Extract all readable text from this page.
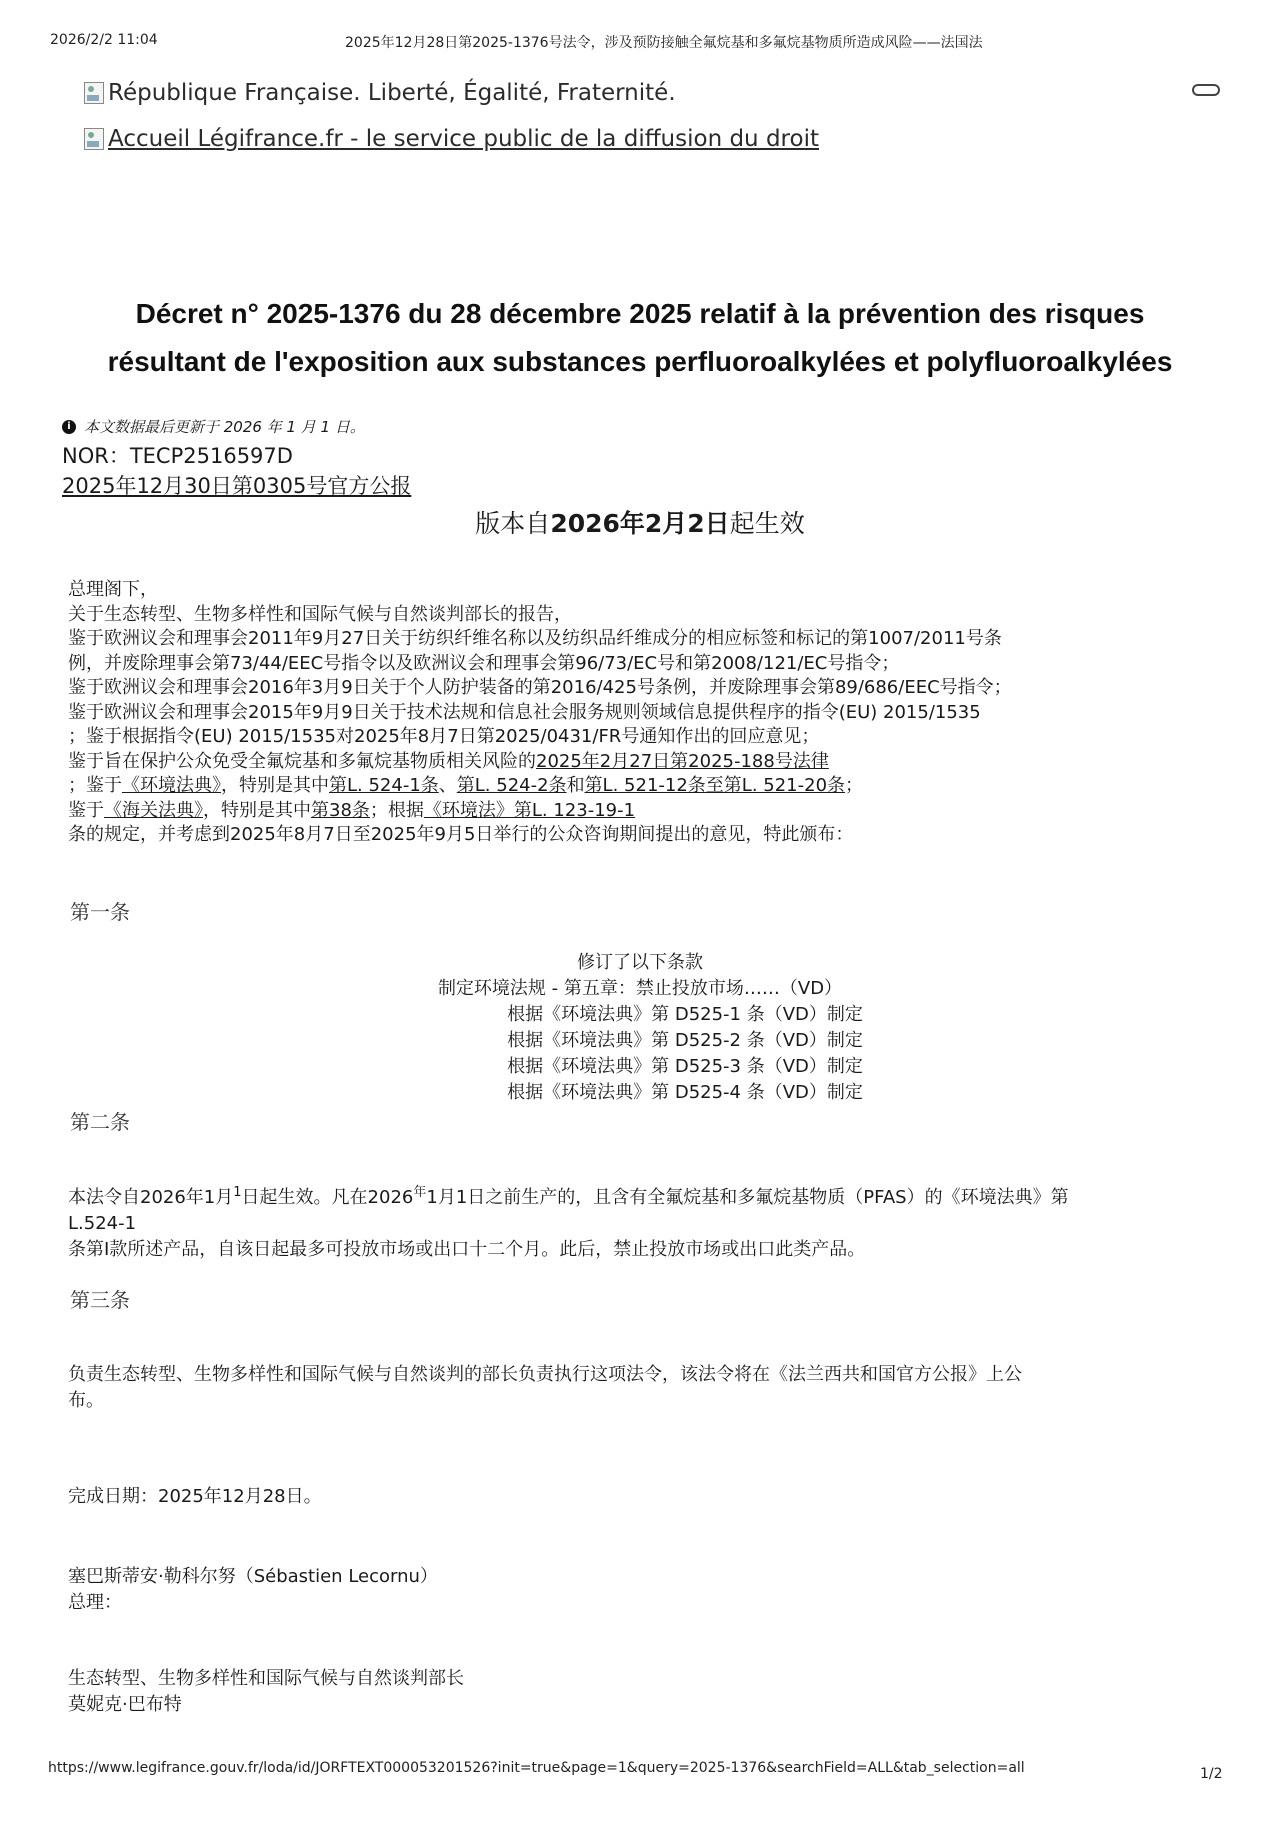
2026/2/2 11:04	2025年12月28日第2025-1376号法令，涉及预防接触全氟烷基和多氟烷基物质所造成风险——法国法
République Française. Liberté, Égalité, Fraternité.
Accueil Légifrance.fr - le service public de la diffusion du droit
Décret n° 2025-1376 du 28 décembre 2025 relatif à la prévention des risques
résultant de l'exposition aux substances perfluoroalkylées et polyfluoroalkylées
i 本文数据最后更新于 2026 年 1 月 1 日。
NOR：TECP2516597D
2025年12月30日第0305号官方公报
版本自2026年2月2日起生效
总理阁下，
关于生态转型、生物多样性和国际气候与自然谈判部长的报告，
鉴于欧洲议会和理事会2011年9月27日关于纺织纤维名称以及纺织品纤维成分的相应标签和标记的第1007/2011号条
例，并废除理事会第73/44/EEC号指令以及欧洲议会和理事会第96/73/EC号和第2008/121/EC号指令；
鉴于欧洲议会和理事会2016年3月9日关于个人防护装备的第2016/425号条例，并废除理事会第89/686/EEC号指令；
鉴于欧洲议会和理事会2015年9月9日关于技术法规和信息社会服务规则领域信息提供程序的指令(EU) 2015/1535
；鉴于根据指令(EU) 2015/1535对2025年8月7日第2025/0431/FR号通知作出的回应意见；
鉴于旨在保护公众免受全氟烷基和多氟烷基物质相关风险的2025年2月27日第2025-188号法律
；鉴于《环境法典》，特别是其中第L. 524-1条、第L. 524-2条和第L. 521-12条至第L. 521-20条；
鉴于《海关法典》，特别是其中第38条；根据《环境法》第L. 123-19-1
条的规定，并考虑到2025年8月7日至2025年9月5日举行的公众咨询期间提出的意见，特此颁布：
第一条
修订了以下条款
制定环境法规 - 第五章：禁止投放市场……（VD）
根据《环境法典》第 D525-1 条（VD）制定
根据《环境法典》第 D525-2 条（VD）制定
根据《环境法典》第 D525-3 条（VD）制定
根据《环境法典》第 D525-4 条（VD）制定
第二条
本法令自2026年1月$^1$日起生效。凡在$2026^年1$月1日之前生产的，且含有全氟烷基和多氟烷基物质（PFAS）的《环境法典》第
L.524-1
条第I款所述产品，自该日起最多可投放市场或出口十二个月。此后，禁止投放市场或出口此类产品。
第三条
负责生态转型、生物多样性和国际气候与自然谈判的部长负责执行这项法令，该法令将在《法兰西共和国官方公报》上公
布。
完成日期：2025年12月28日。
塞巴斯蒂安·勒科尔努（Sébastien Lecornu）
总理：
生态转型、生物多样性和国际气候与自然谈判部长
莫妮克·巴布特
https://www.legifrance.gouv.fr/loda/id/JORFTEXT000053201526?init=true&page=1&query=2025-1376&searchField=ALL&tab_selection=all	1/2
